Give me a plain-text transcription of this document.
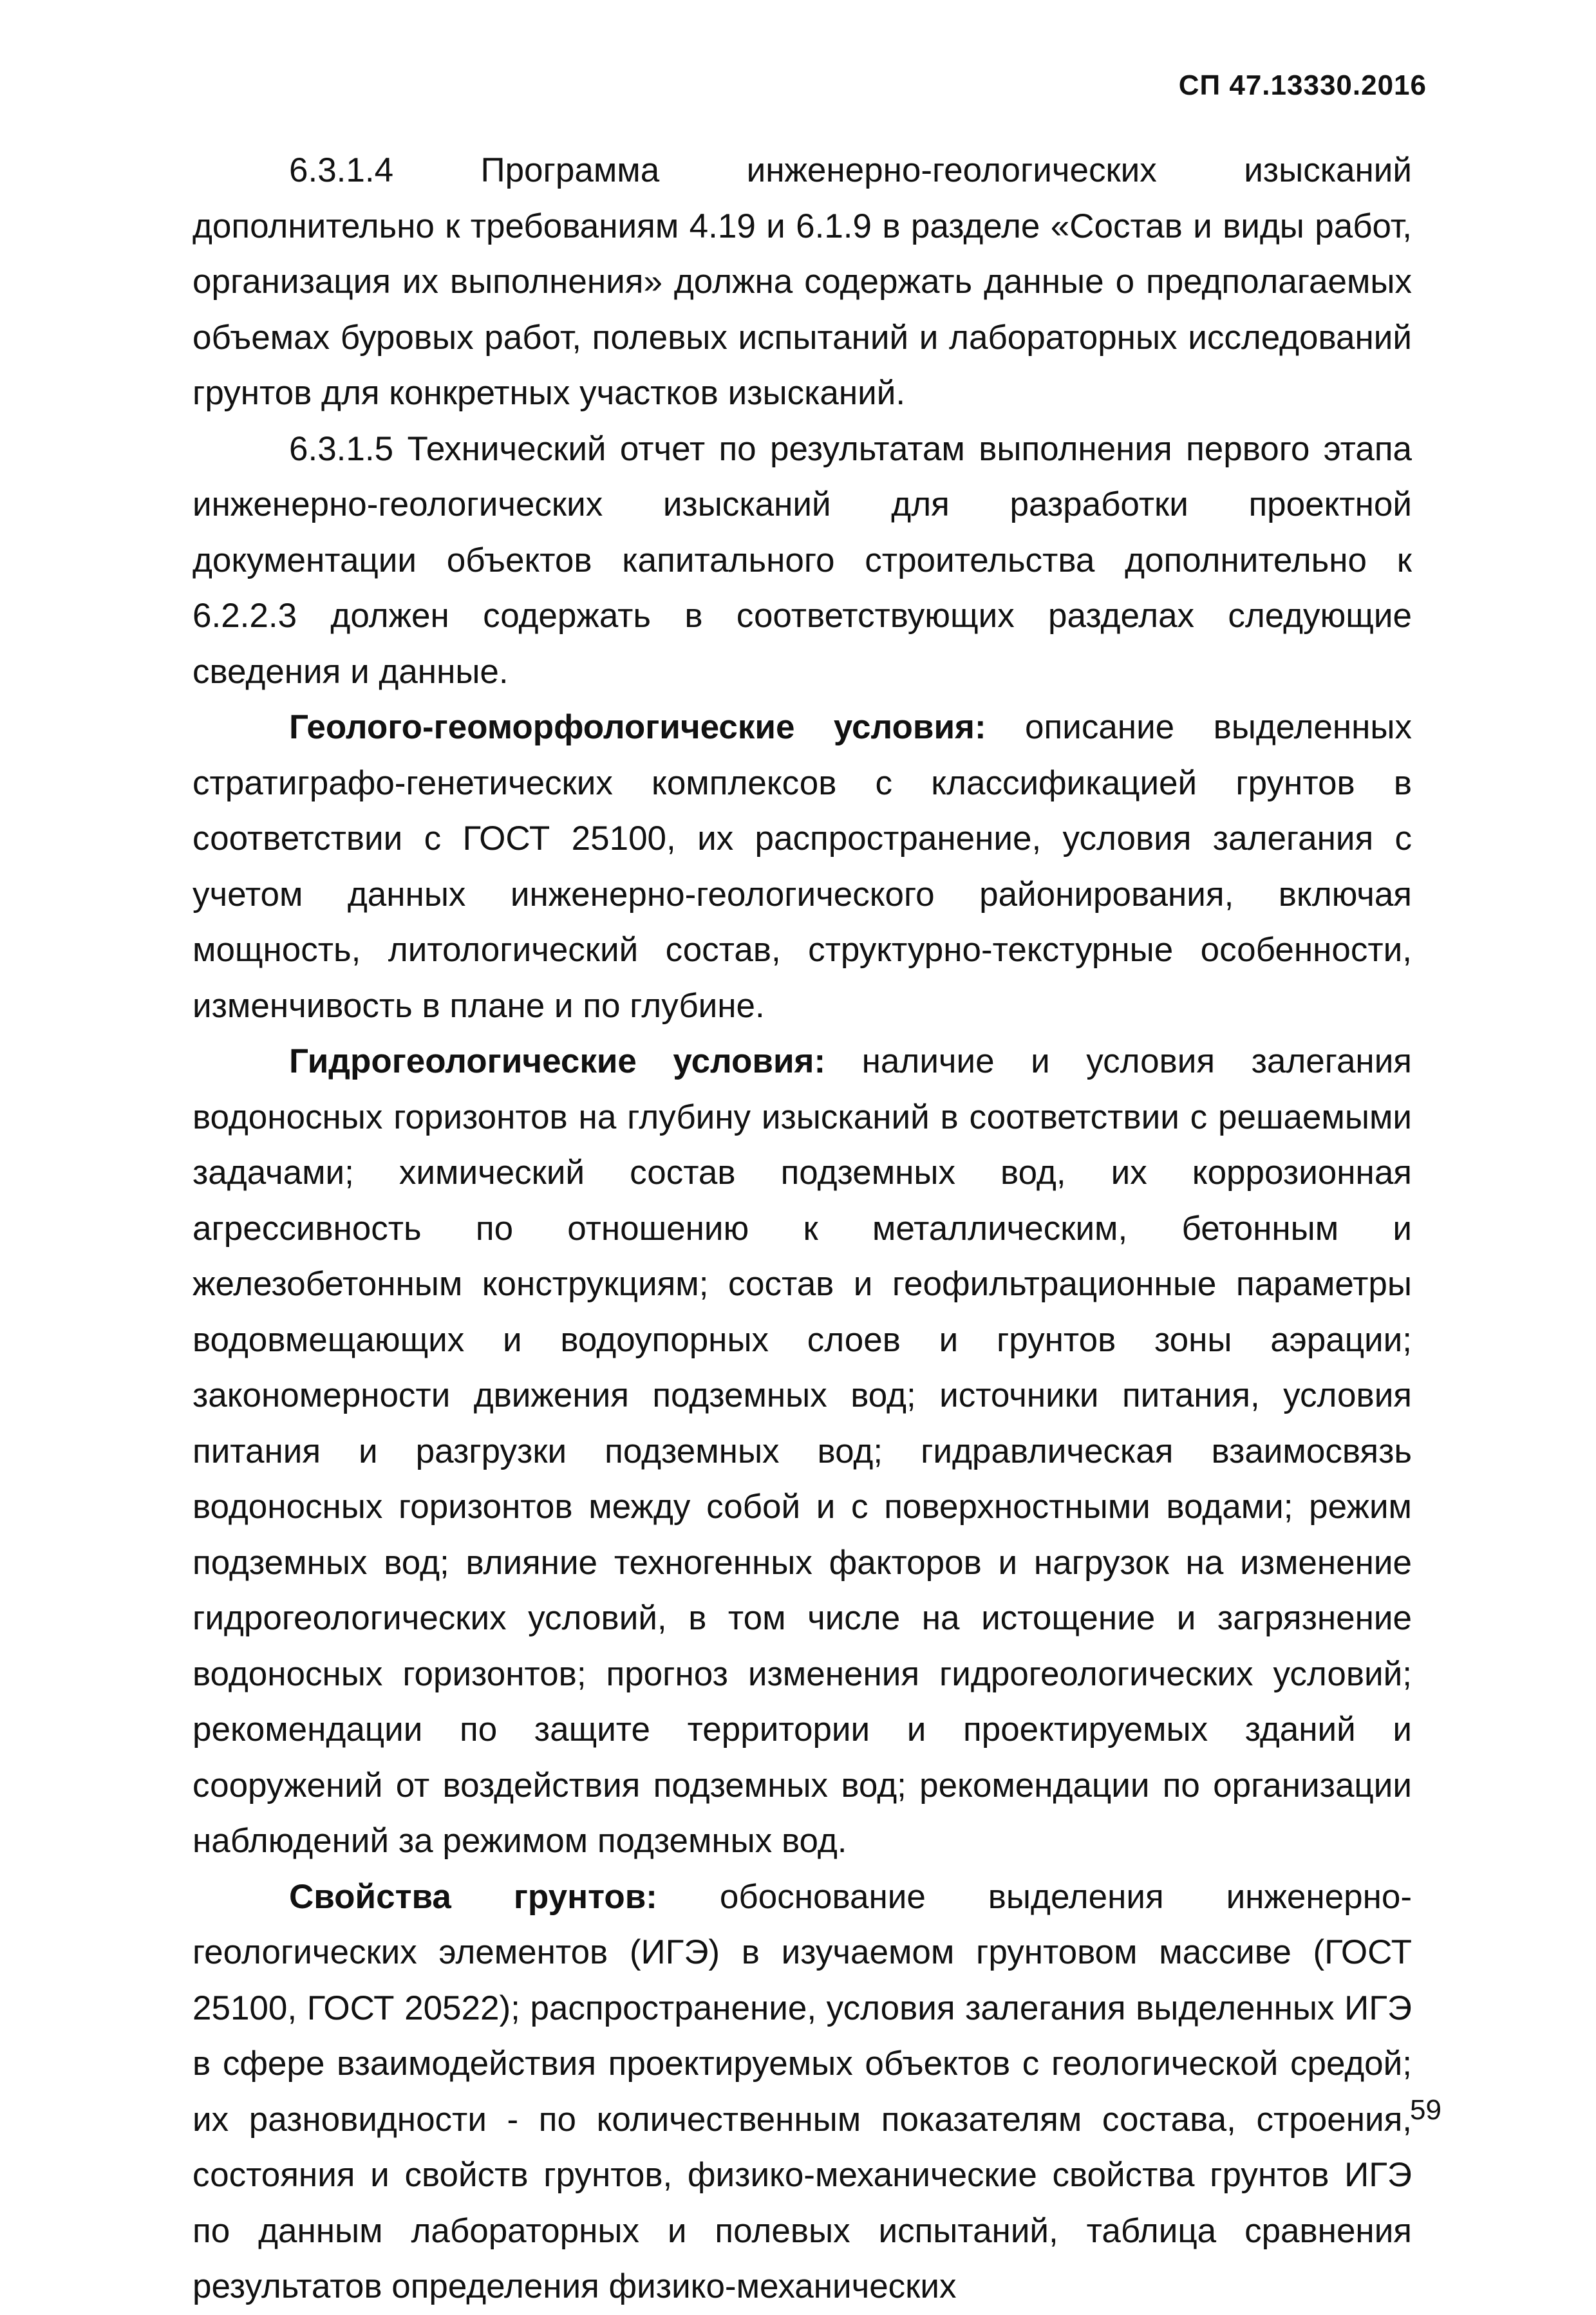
СП 47.13330.2016

6.3.1.4 Программа инженерно-геологических изысканий дополнительно к требованиям 4.19 и 6.1.9 в разделе «Состав и виды работ, организация их выполнения» должна содержать данные о предполагаемых объемах буровых работ, полевых испытаний и лабораторных исследований грунтов для конкретных участков изысканий.

6.3.1.5 Технический отчет по результатам выполнения первого этапа инженерно-геологических изысканий для разработки проектной документации объектов капитального строительства дополнительно к 6.2.2.3 должен содержать в соответствующих разделах следующие сведения и данные.

Геолого-геоморфологические условия: описание выделенных стратиграфо-генетических комплексов с классификацией грунтов в соответствии с ГОСТ 25100, их распространение, условия залегания с учетом данных инженерно-геологического районирования, включая мощность, литологический состав, структурно-текстурные особенности, изменчивость в плане и по глубине.

Гидрогеологические условия: наличие и условия залегания водоносных горизонтов на глубину изысканий в соответствии с решаемыми задачами; химический состав подземных вод, их коррозионная агрессивность по отношению к металлическим, бетонным и железобетонным конструкциям; состав и геофильтрационные параметры водовмещающих и водоупорных слоев и грунтов зоны аэрации; закономерности движения подземных вод; источники питания, условия питания и разгрузки подземных вод; гидравлическая взаимосвязь водоносных горизонтов между собой и с поверхностными водами; режим подземных вод; влияние техногенных факторов и нагрузок на изменение гидрогеологических условий, в том числе на истощение и загрязнение водоносных горизонтов; прогноз изменения гидрогеологических условий; рекомендации по защите территории и проектируемых зданий и сооружений от воздействия подземных вод; рекомендации по организации наблюдений за режимом подземных вод.

Свойства грунтов: обоснование выделения инженерно-геологических элементов (ИГЭ) в изучаемом грунтовом массиве (ГОСТ 25100, ГОСТ 20522); распространение, условия залегания выделенных ИГЭ в сфере взаимодействия проектируемых объектов с геологической средой; их разновидности - по количественным показателям состава, строения, состояния и свойств грунтов, физико-механические свойства грунтов ИГЭ по данным лабораторных и полевых испытаний, таблица сравнения результатов определения физико-механических

59
